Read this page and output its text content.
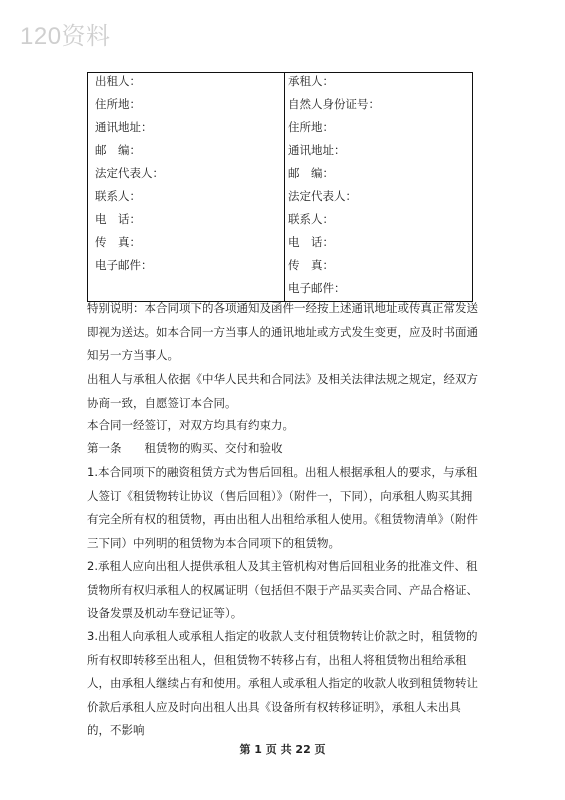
120资料
出租人：
住所地：
通讯地址：
邮　编：
法定代表人：
联系人：
电　话：
传　真：
电子邮件：
承租人：
自然人身份证号：
住所地：
通讯地址：
邮　编：
法定代表人：
联系人：
电　话：
传　真：
电子邮件：
特别说明：本合同项下的各项通知及函件一经按上述通讯地址或传真正常发送即视为送达。如本合同一方当事人的通讯地址或方式发生变更，应及时书面通知另一方当事人。
出租人与承租人依据《中华人民共和合同法》及相关法律法规之规定，经双方协商一致，自愿签订本合同。
本合同一经签订，对双方均具有约束力。
第一条　　租赁物的购买、交付和验收
1.本合同项下的融资租赁方式为售后回租。出租人根据承租人的要求，与承租人签订《租赁物转让协议（售后回租）》（附件一，下同），向承租人购买其拥有完全所有权的租赁物，再由出租人出租给承租人使用。《租赁物清单》（附件三下同）中列明的租赁物为本合同项下的租赁物。
2.承租人应向出租人提供承租人及其主管机构对售后回租业务的批准文件、租赁物所有权归承租人的权属证明（包括但不限于产品买卖合同、产品合格证、设备发票及机动车登记证等）。
3.出租人向承租人或承租人指定的收款人支付租赁物转让价款之时，租赁物的所有权即转移至出租人，但租赁物不转移占有，出租人将租赁物出租给承租人，由承租人继续占有和使用。承租人或承租人指定的收款人收到租赁物转让价款后承租人应及时向出租人出具《设备所有权转移证明》，承租人未出具的，不影响
第 1 页 共 22 页
